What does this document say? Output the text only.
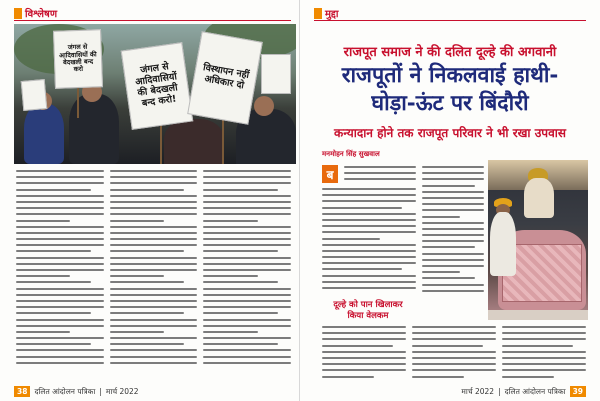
विश्लेषण
जंगल से आदिवासियों की बेदखली बन्द करो	जंगल से आदिवासियों की बेदखली बन्द करो!
विस्थापन नहीं अधिकार दो
38 दलित आंदोलन पत्रिका | मार्च 2022
मुद्दा
राजपूत समाज ने की दलित दूल्हे की अगवानी
राजपूतों ने निकलवाई हाथी-
घोड़ा-ऊंट पर बिंदौरी
कन्यादान होने तक राजपूत परिवार ने भी रखा उपवास
मनमोहन सिंह सुखवाल
ब
दूल्हे को पान खिलाकर
किया वेलकम
मार्च 2022 | दलित आंदोलन पत्रिका 39
